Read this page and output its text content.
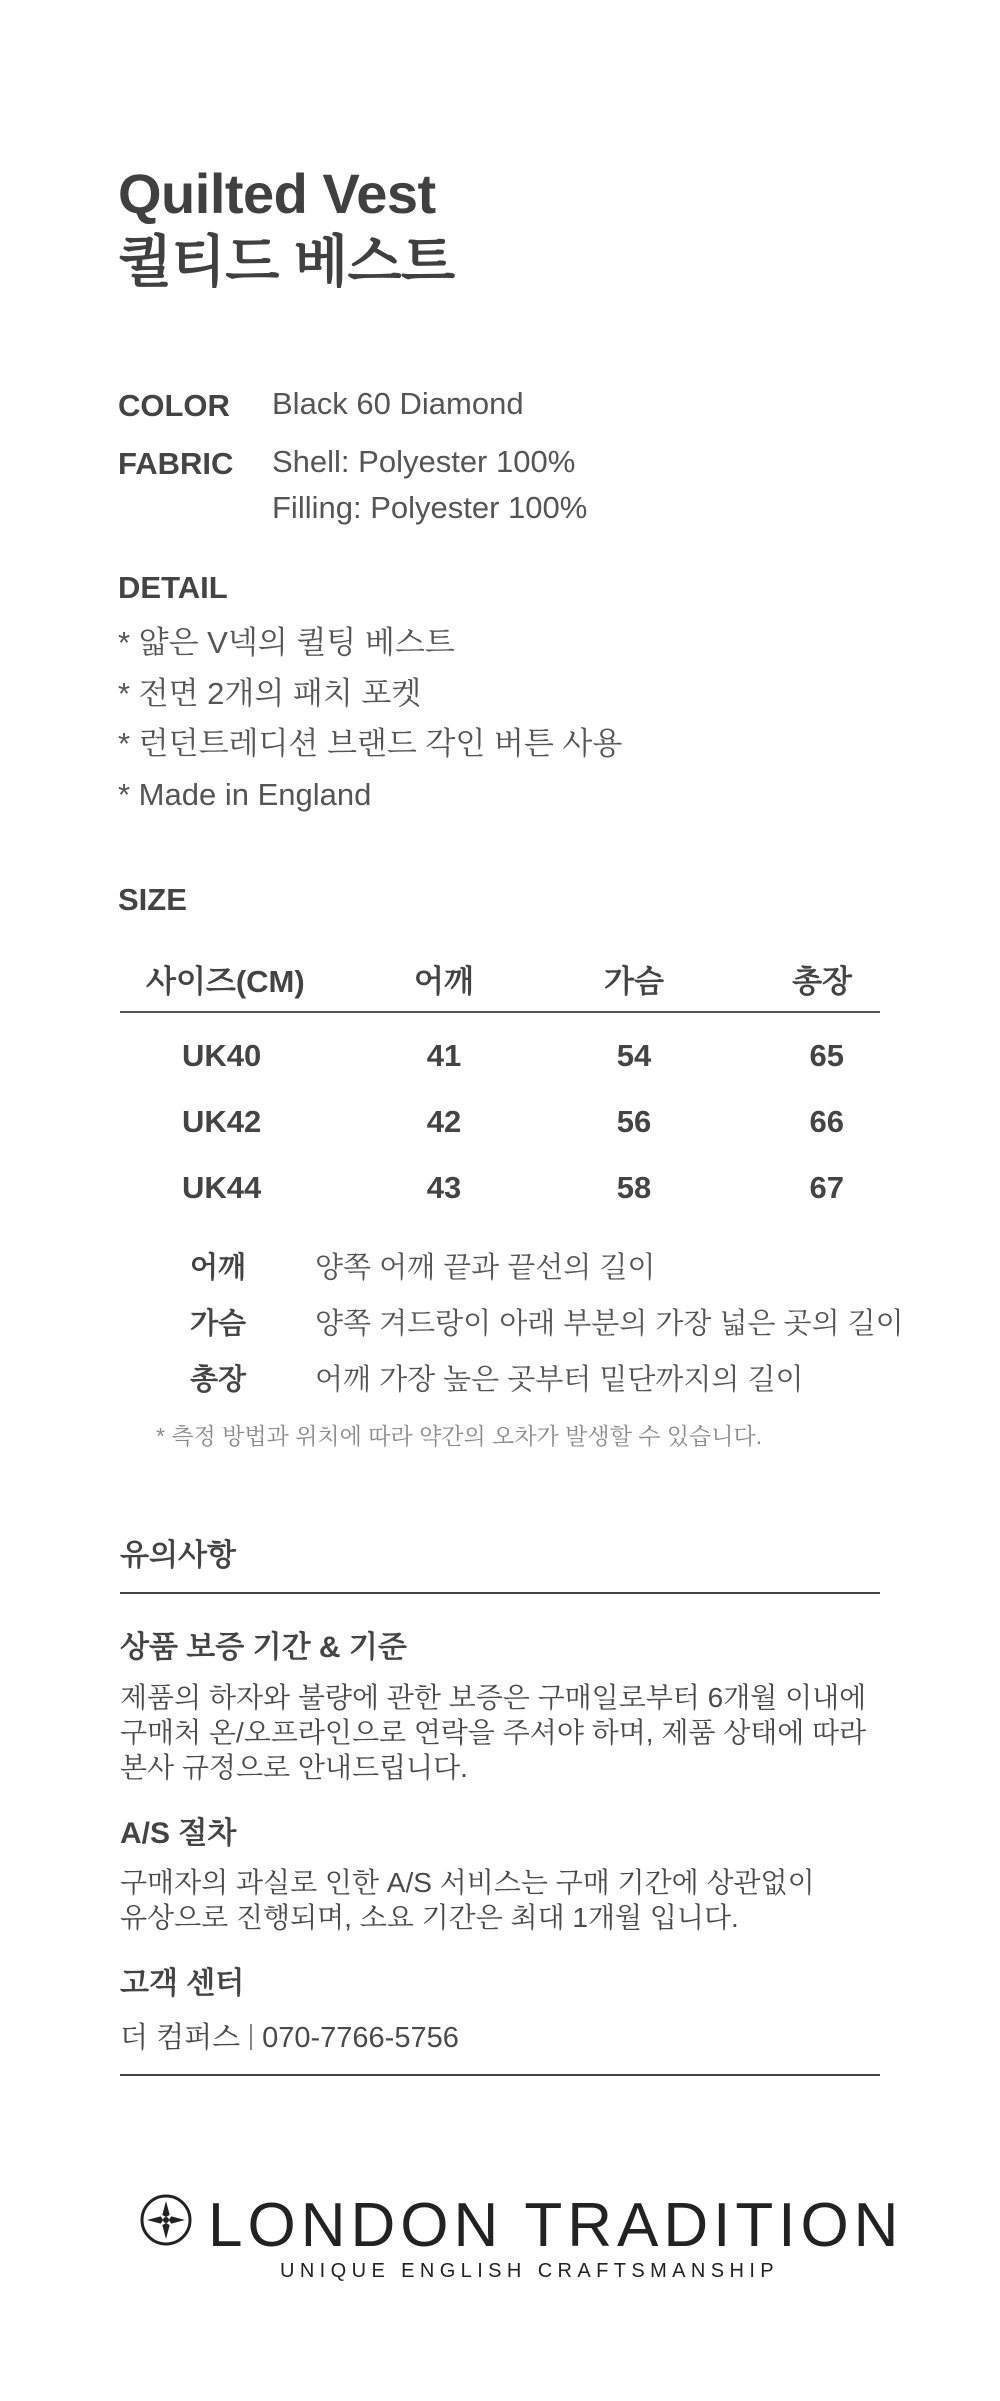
Quilted Vest
퀼티드 베스트
COLOR Black 60 Diamond
FABRIC Shell: Polyester 100%
Filling: Polyester 100%
DETAIL
* 얇은 V넥의 퀼팅 베스트
* 전면 2개의 패치 포켓
* 런던트레디션 브랜드 각인 버튼 사용
* Made in England
SIZE
사이즈(CM)	어깨	가슴	총장
UK40	41	54	65
UK42	42	56	66
UK44	43	58	67
어깨 양쪽 어깨 끝과 끝선의 길이
가슴 양쪽 겨드랑이 아래 부분의 가장 넓은 곳의 길이
총장 어깨 가장 높은 곳부터 밑단까지의 길이
* 측정 방법과 위치에 따라 약간의 오차가 발생할 수 있습니다.
유의사항
상품 보증 기간 & 기준
제품의 하자와 불량에 관한 보증은 구매일로부터 6개월 이내에
구매처 온/오프라인으로 연락을 주셔야 하며, 제품 상태에 따라
본사 규정으로 안내드립니다.
A/S 절차
구매자의 과실로 인한 A/S 서비스는 구매 기간에 상관없이
유상으로 진행되며, 소요 기간은 최대 1개월 입니다.
고객 센터
더 컴퍼스 070-7766-5756
LONDON TRADITION
UNIQUE ENGLISH CRAFTSMANSHIP
